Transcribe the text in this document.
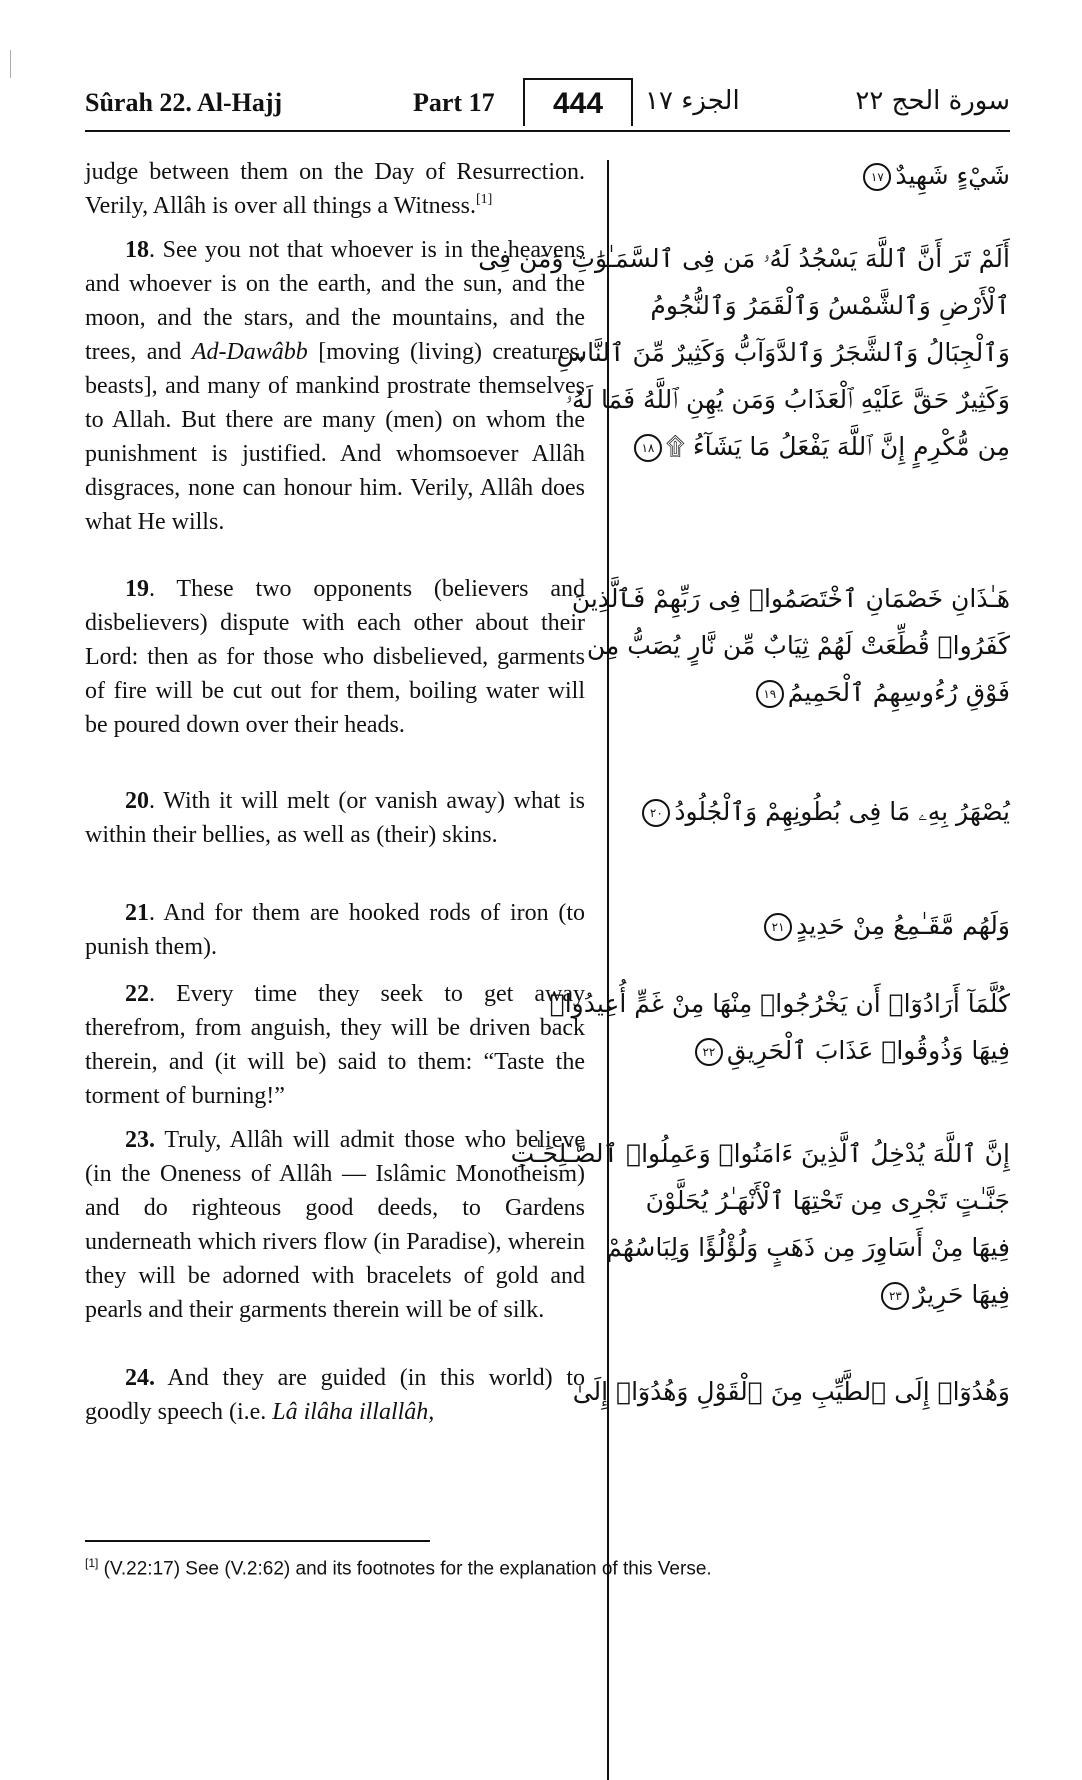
Sûrah 22. Al-Hajj	Part 17	444	الجزء ١٧	سورة الحج ٢٢

judge between them on the Day of Resurrection. Verily, Allâh is over all things a Witness.[1]

18. See you not that whoever is in the heavens and whoever is on the earth, and the sun, and the moon, and the stars, and the mountains, and the trees, and Ad-Dawâbb [moving (living) creatures, beasts], and many of mankind prostrate themselves to Allah. But there are many (men) on whom the punishment is justified. And whomsoever Allâh disgraces, none can honour him. Verily, Allâh does what He wills.

19. These two opponents (believers and disbelievers) dispute with each other about their Lord: then as for those who disbelieved, garments of fire will be cut out for them, boiling water will be poured down over their heads.

20. With it will melt (or vanish away) what is within their bellies, as well as (their) skins.

21. And for them are hooked rods of iron (to punish them).

22. Every time they seek to get away therefrom, from anguish, they will be driven back therein, and (it will be) said to them: “Taste the torment of burning!”

23. Truly, Allâh will admit those who believe (in the Oneness of Allâh — Islâmic Monotheism) and do righteous good deeds, to Gardens underneath which rivers flow (in Paradise), wherein they will be adorned with bracelets of gold and pearls and their garments therein will be of silk.

24. And they are guided (in this world) to goodly speech (i.e. Lâ ilâha illallâh,

شَيْءٍ شَهِيدٌ١٧
أَلَمْ تَرَ أَنَّ ٱللَّهَ يَسْجُدُ لَهُۥ مَن فِى ٱلسَّمَـٰوَٰتِ وَمَن فِى
ٱلْأَرْضِ وَٱلشَّمْسُ وَٱلْقَمَرُ وَٱلنُّجُومُ
وَٱلْجِبَالُ وَٱلشَّجَرُ وَٱلدَّوَآبُّ وَكَثِيرٌ مِّنَ ٱلنَّاسِ
وَكَثِيرٌ حَقَّ عَلَيْهِ ٱلْعَذَابُ وَمَن يُهِنِ ٱللَّهُ فَمَا لَهُۥ
مِن مُّكْرِمٍ إِنَّ ٱللَّهَ يَفْعَلُ مَا يَشَآءُ ۩١٨
هَـٰذَانِ خَصْمَانِ ٱخْتَصَمُوا۟ فِى رَبِّهِمْ فَٱلَّذِينَ
كَفَرُوا۟ قُطِّعَتْ لَهُمْ ثِيَابٌ مِّن نَّارٍ يُصَبُّ مِن
فَوْقِ رُءُوسِهِمُ ٱلْحَمِيمُ١٩
يُصْهَرُ بِهِۦ مَا فِى بُطُونِهِمْ وَٱلْجُلُودُ٢٠
وَلَهُم مَّقَـٰمِعُ مِنْ حَدِيدٍ٢١
كُلَّمَآ أَرَادُوٓا۟ أَن يَخْرُجُوا۟ مِنْهَا مِنْ غَمٍّ أُعِيدُوا۟
فِيهَا وَذُوقُوا۟ عَذَابَ ٱلْحَرِيقِ٢٢
إِنَّ ٱللَّهَ يُدْخِلُ ٱلَّذِينَ ءَامَنُوا۟ وَعَمِلُوا۟ ٱلصَّـٰلِحَـٰتِ
جَنَّـٰتٍ تَجْرِى مِن تَحْتِهَا ٱلْأَنْهَـٰرُ يُحَلَّوْنَ
فِيهَا مِنْ أَسَاوِرَ مِن ذَهَبٍ وَلُؤْلُؤًا وَلِبَاسُهُمْ
فِيهَا حَرِيرٌ٢٣
وَهُدُوٓا۟ إِلَى ٱلطَّيِّبِ مِنَ ٱلْقَوْلِ وَهُدُوٓا۟ إِلَىٰ
[1] (V.22:17) See (V.2:62) and its footnotes for the explanation of this Verse.
